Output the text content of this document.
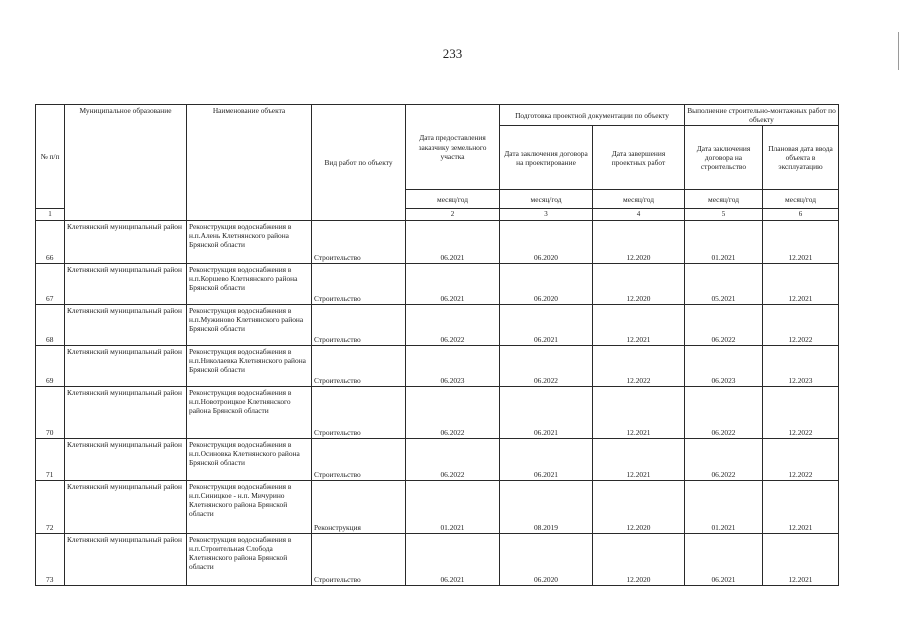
233
№ п/п	Муниципальное образование	Наименование объекта	Вид работ по объекту	Дата предоставления заказчику земельного участка	Подготовка проектной документации по объекту		Выполнение строительно-монтажных работ по объекту		
					Дата заключения договора на проектирование	Дата завершения проектных работ	Дата заключения договора на строительство	Плановая дата ввода объекта в эксплуатацию	
				месяц/год	месяц/год	месяц/год	месяц/год	месяц/год	
1				2	3	4	5	6			
66	Клетнянский муниципальный район	Реконструкция водоснабжения в н.п.Алень Клетнянского района Брянской области	Строительство	06.2021	06.2020	12.2020	01.2021	12.2021	
67	Клетнянский муниципальный район	Реконструкция водоснабжения в н.п.Коршево Клетнянского района Брянской области	Строительство	06.2021	06.2020	12.2020	05.2021	12.2021	
68	Клетнянский муниципальный район	Реконструкция водоснабжения в н.п.Мужиново Клетнянского района Брянской области	Строительство	06.2022	06.2021	12.2021	06.2022	12.2022	
69	Клетнянский муниципальный район	Реконструкция водоснабжения в н.п.Николаевка Клетнянского района Брянской области	Строительство	06.2023	06.2022	12.2022	06.2023	12.2023	
70	Клетнянский муниципальный район	Реконструкция водоснабжения в н.п.Новотроицкое Клетнянского района Брянской области	Строительство	06.2022	06.2021	12.2021	06.2022	12.2022	
71	Клетнянский муниципальный район	Реконструкция водоснабжения в н.п.Осиновка Клетнянского района Брянской области	Строительство	06.2022	06.2021	12.2021	06.2022	12.2022	
72	Клетнянский муниципальный район	Реконструкция водоснабжения в н.п.Синицкое - н.п. Мичурино Клетнянского района Брянской области	Реконструкция	01.2021	08.2019	12.2020	01.2021	12.2021	
73	Клетнянский муниципальный район	Реконструкция водоснабжения в н.п.Строительная Слобода Клетнянского района Брянской области	Строительство	06.2021	06.2020	12.2020	06.2021	12.2021	
